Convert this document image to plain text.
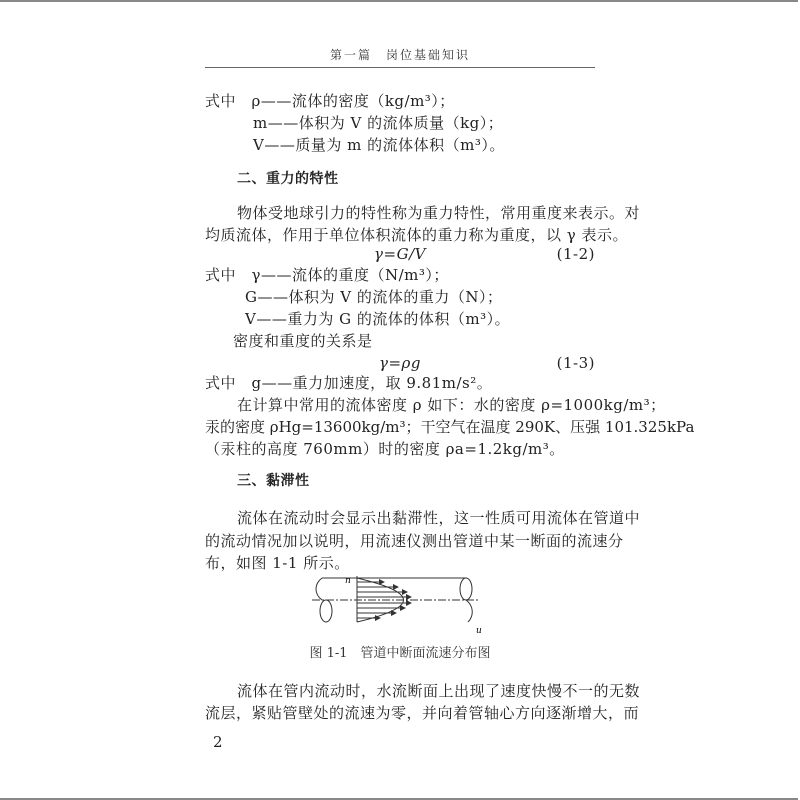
第一篇　岗位基础知识
式中　ρ——流体的密度（kg/m³）；
m——体积为 V 的流体质量（kg）；
V——质量为 m 的流体体积（m³）。
二、重力的特性
物体受地球引力的特性称为重力特性，常用重度来表示。对
均质流体，作用于单位体积流体的重力称为重度，以 γ 表示。
γ=G/V	(1-2)
式中　γ——流体的重度（N/m³）；
G——体积为 V 的流体的重力（N）；
V——重力为 G 的流体的体积（m³）。
密度和重度的关系是
γ=ρg	(1-3)
式中　g——重力加速度，取 9.81m/s²。
在计算中常用的流体密度 ρ 如下：水的密度 ρ=1000kg/m³；
汞的密度 ρHg=13600kg/m³；干空气在温度 290K、压强 101.325kPa
（汞柱的高度 760mm）时的密度 ρa=1.2kg/m³。
三、黏滞性
流体在流动时会显示出黏滞性，这一性质可用流体在管道中
的流动情况加以说明，用流速仪测出管道中某一断面的流速分
布，如图 1-1 所示。
n
u
图 1-1　管道中断面流速分布图
流体在管内流动时，水流断面上出现了速度快慢不一的无数
流层，紧贴管壁处的流速为零，并向着管轴心方向逐渐增大，而
2
